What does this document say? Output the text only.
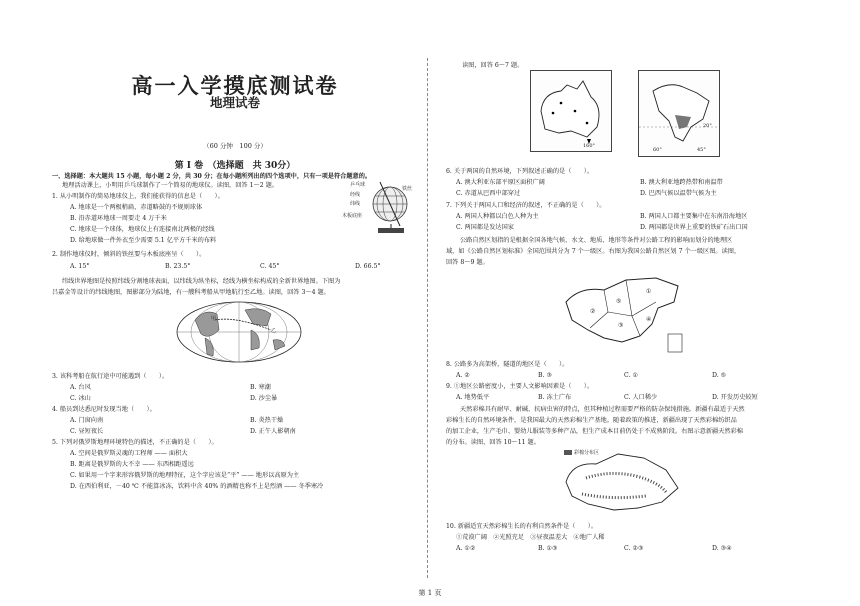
高一入学摸底测试卷
地理试卷
（60 分钟　100 分）
第 Ⅰ 卷　（选择题　共 30分）
一、选择题：本大题共 15 小题，每小题 2 分，共 30 分；在每小题所列出的四个选项中，只有一项是符合题意的。
地理活动课上，小明用乒乓球制作了一个简易的地球仪。读图，回答 1～2 题。
1. 从小明制作的简易地球仪上，我们能获得的信息是（　　）。
A. 地球是一个两极稍扁，赤道略鼓的不规则球体
B. 沿赤道环地球一周要走 4 万千米
C. 地球是一个球体，地球仪上有连接南北两极的经线
D. 给地球做一件外衣至少需要 5.1 亿平方千米的布料
2. 制作地球仪时，倾斜的铁丝要与木板底座呈（　　）。
A. 15°	B. 23.5°	C. 45°	D. 66.5°
乒乓球
经线
纬线
木板底座
铁丝
纬线世界地图是按照纬线分割地球表面，以纬线为纵坐标，经线为横坐标构成的全新世界地图。下图为
吕嘉金等设计的纬线地图，图影部分为陆地，有一艘科考船从甲地航行至乙地。读图，回答 3～4 题。
甲
乙
3. 该科考船在航行途中可能遇到（　　）。
A. 台风	B. 寒潮
C. 冰山	D. 沙尘暴
4. 船员到达悉尼时发现当地（　　）。
A. 门窗向南	B. 炎热干燥
C. 昼短夜长	D. 正午人影朝南
5. 下列对俄罗斯地理环境特色的描述，不正确的是（　　）。
A. 空间是俄罗斯灵魂的工程师 —— 面积大
B. 距离是俄罗斯的大不幸 —— 东西相距遥远
C. 如果用一个字来形容俄罗斯的地理特征，这个字应该是“平” —— 地形以高原为主
D. 在西伯利亚，－40 ℃ 不能算冰冻，饮料中含 40% 的酒精也称不上是烈酒 —— 冬季寒冷
读图，回答 6～7 题。
160°
20°
60°	45°
6. 关于两国的自然环境，下列叙述正确的是（　　）。
A. 澳大利亚东部平原区面积广阔	B. 澳大利亚地跨热带和南温带
C. 赤道从巴西中部穿过	D. 巴西气候以温带气候为主
7. 下列关于两国人口和经济的叙述，不正确的是（　　）。
A. 两国人种都以白色人种为主	B. 两国人口都主要集中在东南沿海地区
C. 两国都是发达国家	D. 两国都是世界上重要的铁矿石出口国
公路自然区划指的是根据全国各地气候、水文、地质、地形等条件对公路工程的影响而划分的地理区
域，如《公路自然区划标准》全国范围共分为 7 个一级区。右图为我国公路自然区划 7 个一级区图。读图，
回答 8～9 题。
①
②
③
④
⑤
8. 公路多为高架桥，隧道的地区是（　　）。
A. ②	B. ③	C. ①	D. ⑤
9. ①地区公路密度小，主要人文影响因素是（　　）。
A. 地势低平	B. 冻土广布	C. 人口稀少	D. 开发历史较短
天然彩棉具有耐旱、耐碱、抗病虫害的特点，但其种植过程需要严格的防杂保纯措施。新疆有最适于天然
彩棉生长的自然环境条件，是我国最大的天然彩棉生产基地。随着政策的推进，新疆出现了天然彩棉纺织品
的加工企业，生产毛巾、婴幼儿服装等多种产品，但生产成本目前仍处于不成熟阶段。右图示意新疆天然彩棉
的分布。读图，回答 10～11 题。
彩棉分布区
10. 新疆适宜天然彩棉生长的有利自然条件是（　　）。
①荒漠广阔　②光照充足　③昼夜温差大　④地广人稀
A. ①②	B. ①③	C. ②③	D. ③④
第 1 页
